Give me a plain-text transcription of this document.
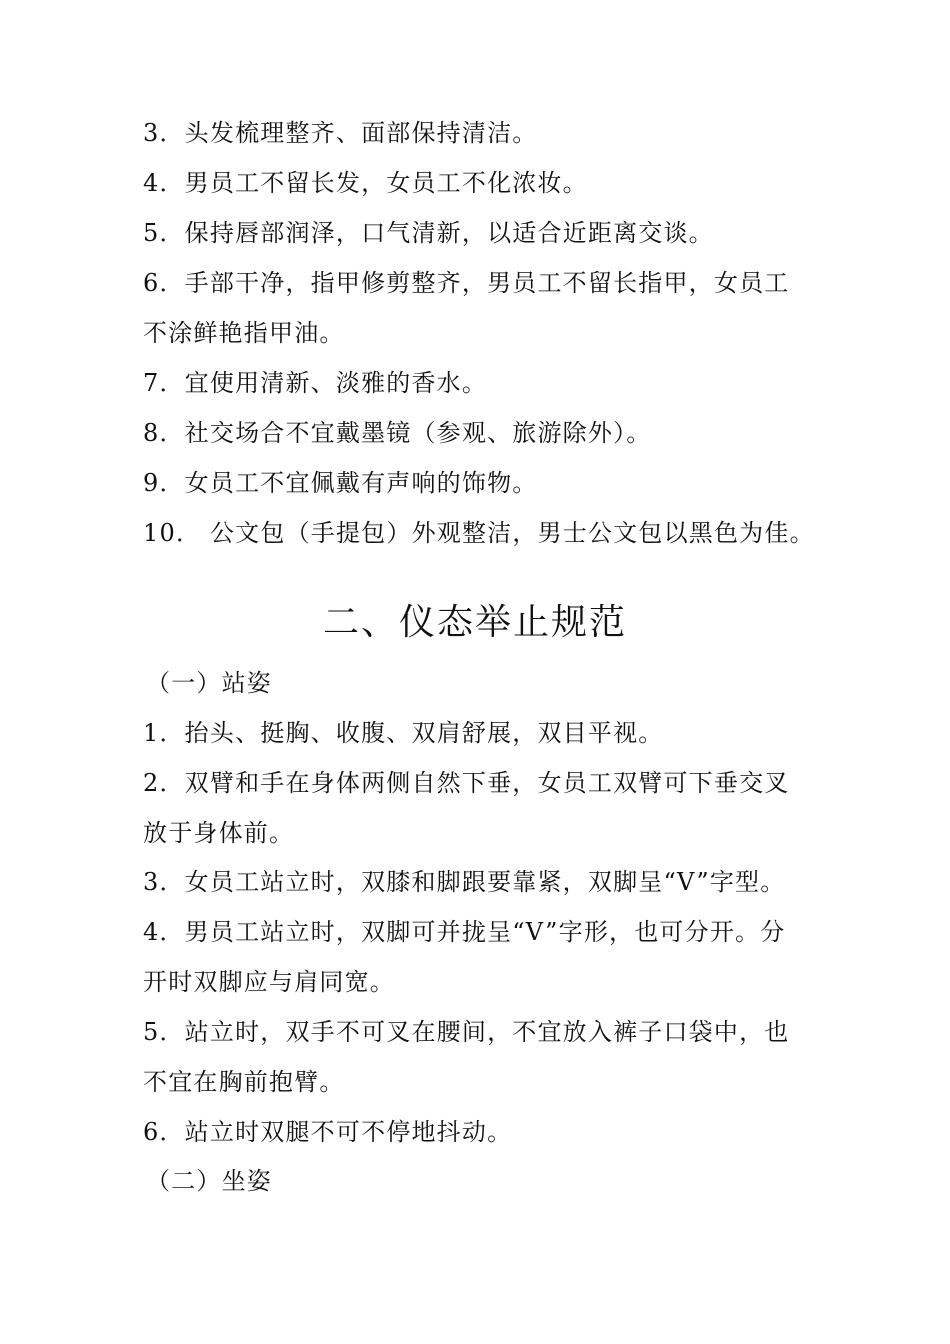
3．头发梳理整齐、面部保持清洁。
4．男员工不留长发，女员工不化浓妆。
5．保持唇部润泽，口气清新，以适合近距离交谈。
6．手部干净，指甲修剪整齐，男员工不留长指甲，女员工
不涂鲜艳指甲油。
7．宜使用清新、淡雅的香水。
8．社交场合不宜戴墨镜（参观、旅游除外）。
9．女员工不宜佩戴有声响的饰物。
10． 公文包（手提包）外观整洁，男士公文包以黑色为佳。
二、仪态举止规范
（一）站姿
1．抬头、挺胸、收腹、双肩舒展，双目平视。
2．双臂和手在身体两侧自然下垂，女员工双臂可下垂交叉
放于身体前。
3．女员工站立时，双膝和脚跟要靠紧，双脚呈“V”字型。
4．男员工站立时，双脚可并拢呈“V”字形，也可分开。分
开时双脚应与肩同宽。
5．站立时，双手不可叉在腰间，不宜放入裤子口袋中，也
不宜在胸前抱臂。
6．站立时双腿不可不停地抖动。
（二）坐姿
